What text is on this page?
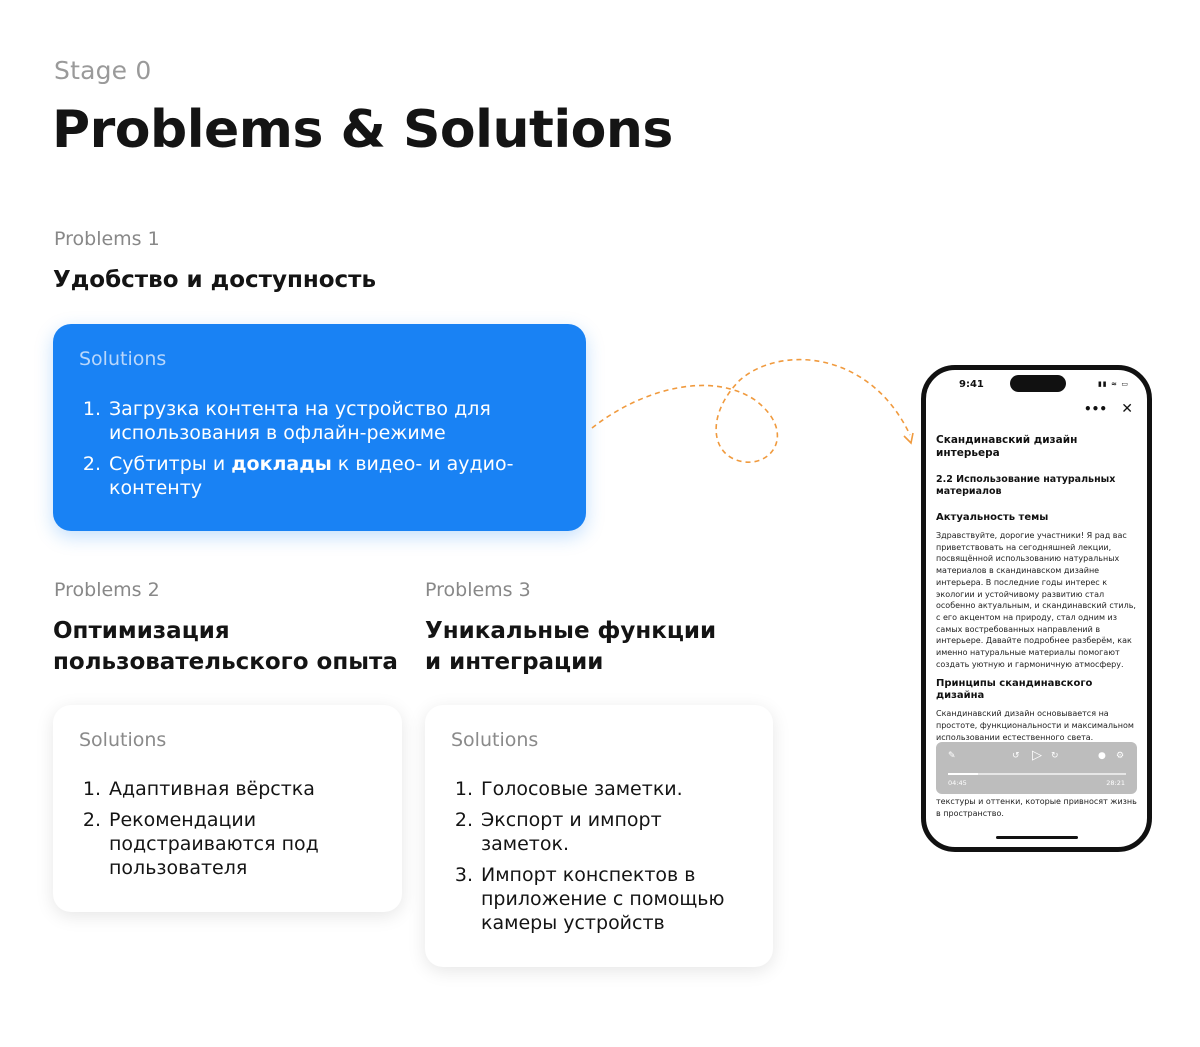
Stage 0
Problems & Solutions
Problems 1
Удобство и доступность
Solutions
1. Загрузка контента на устройство для использования в офлайн-режиме
2. Субтитры и доклады к видео- и аудио-контенту
Problems 2
Оптимизация
пользовательского опыта
Solutions
1. Адаптивная вёрстка
2. Рекомендации подстраиваются под пользователя
Problems 3
Уникальные функции
и интеграции
Solutions
1. Голосовые заметки.
2. Экспорт и импорт заметок.
3. Импорт конспектов в приложение с помощью камеры устройств
9:41	▮▮ ≈ ▭
••• ✕
Скандинавский дизайн интерьера
2.2 Использование натуральных материалов
Актуальность темы
Здравствуйте, дорогие участники! Я рад вас приветствовать на сегодняшней лекции, посвящённой использованию натуральных материалов в скандинавском дизайне интерьера. В последние годы интерес к экологии и устойчивому развитию стал особенно актуальным, и скандинавский стиль, с его акцентом на природу, стал одним из самых востребованных направлений в интерьере. Давайте подробнее разберём, как именно натуральные материалы помогают создать уютную и гармоничную атмосферу.
Принципы скандинавского дизайна
Скандинавский дизайн основывается на простоте, функциональности и максимальном использовании естественного света.
✎	↺ ▷ ↻	● ⚙
04:45	28:21
текстуры и оттенки, которые привносят жизнь в пространство.
